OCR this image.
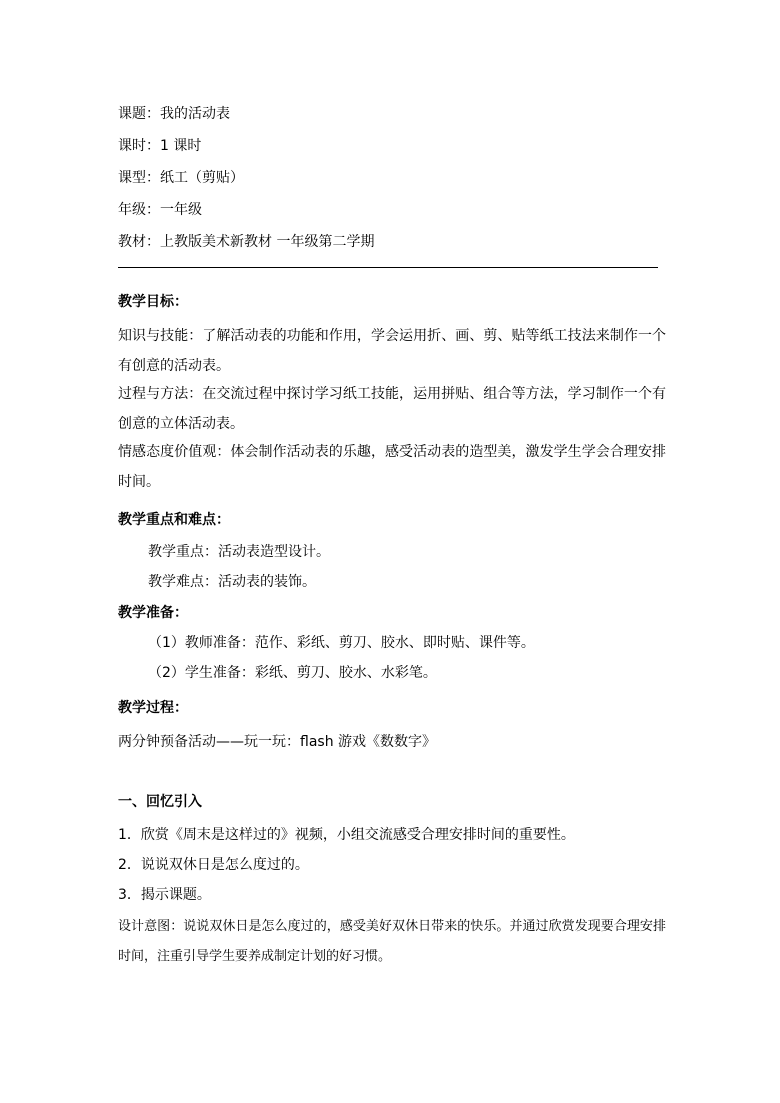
课题：我的活动表
课时：1 课时
课型：纸工（剪贴）
年级：一年级
教材：上教版美术新教材 一年级第二学期
教学目标：
知识与技能：了解活动表的功能和作用，学会运用折、画、剪、贴等纸工技法来制作一个有创意的活动表。
过程与方法：在交流过程中探讨学习纸工技能，运用拼贴、组合等方法，学习制作一个有创意的立体活动表。
情感态度价值观：体会制作活动表的乐趣，感受活动表的造型美，激发学生学会合理安排时间。
教学重点和难点：
教学重点：活动表造型设计。
教学难点：活动表的装饰。
教学准备：
（1）教师准备：范作、彩纸、剪刀、胶水、即时贴、课件等。
（2）学生准备：彩纸、剪刀、胶水、水彩笔。
教学过程：
两分钟预备活动——玩一玩：flash 游戏《数数字》
一、回忆引入
1．欣赏《周末是这样过的》视频，小组交流感受合理安排时间的重要性。
2．说说双休日是怎么度过的。
3．揭示课题。
设计意图：说说双休日是怎么度过的，感受美好双休日带来的快乐。并通过欣赏发现要合理安排时间，注重引导学生要养成制定计划的好习惯。
